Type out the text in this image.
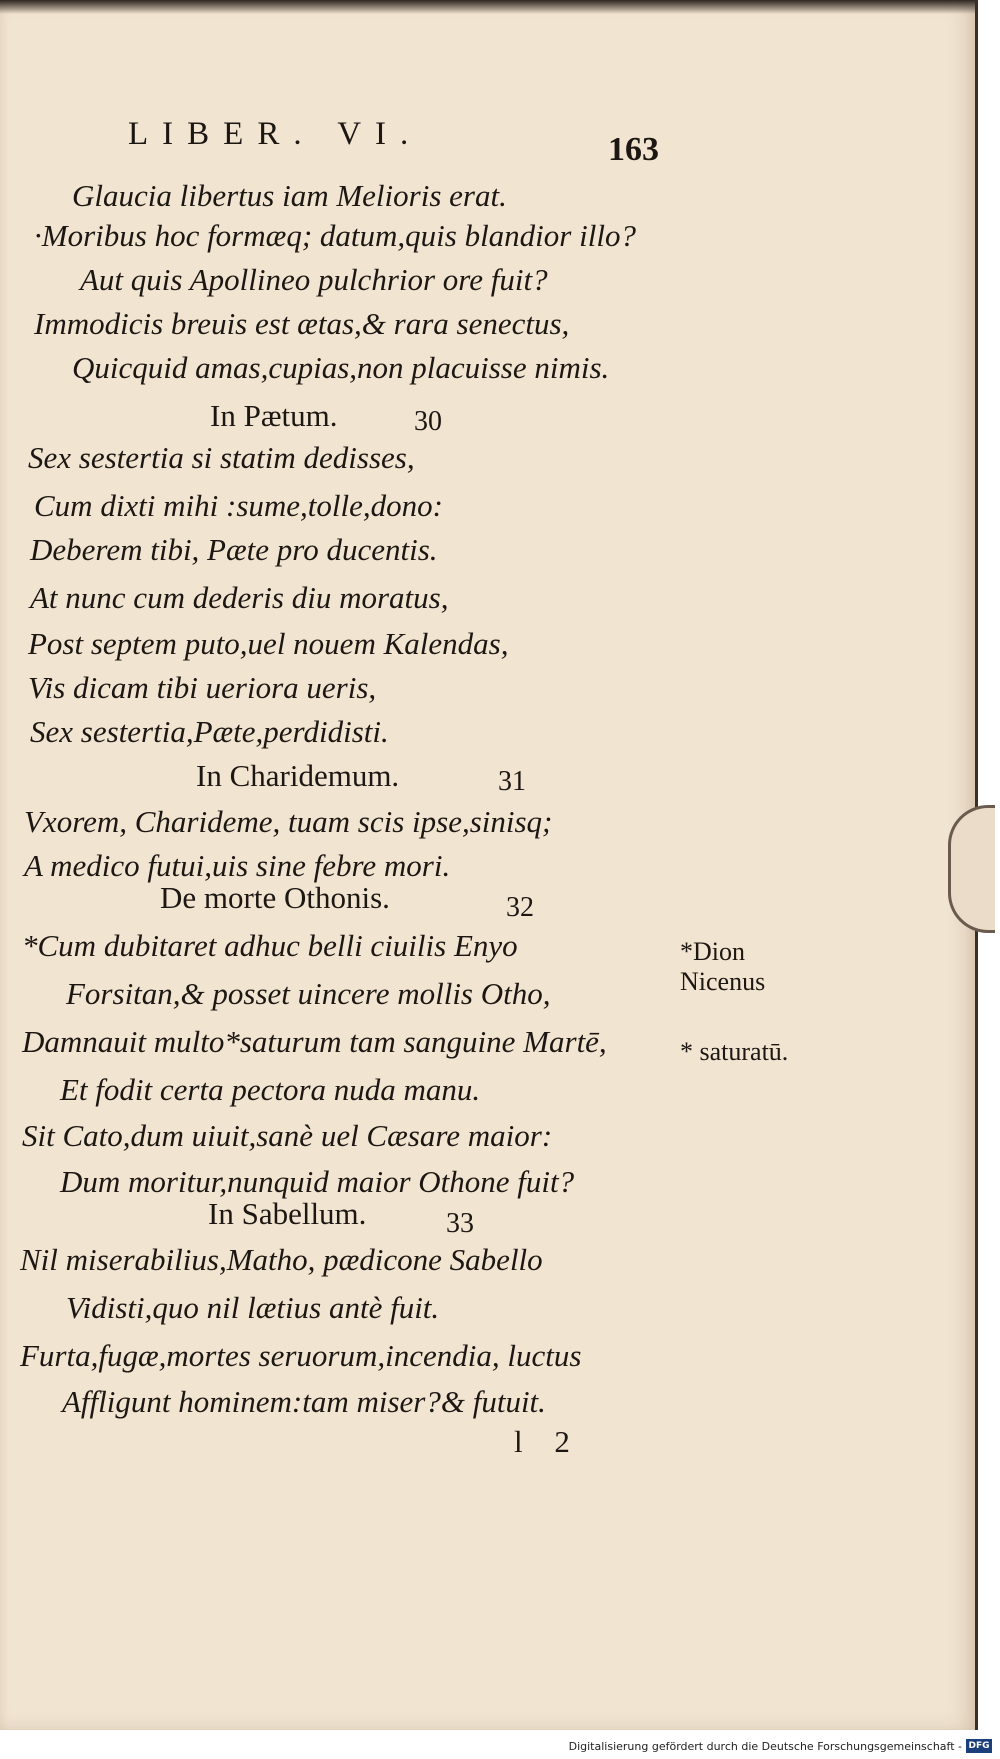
LIBER. VI.	163
Glaucia libertus iam Melioris erat.
·Moribus hoc formæq; datum,quis blandior illo?
Aut quis Apollineo pulchrior ore fuit?
Immodicis breuis est ætas,& rara senectus,
Quicquid amas,cupias,non placuisse nimis.
In Pætum.	30
Sex sestertia si statim dedisses,
Cum dixti mihi :sume,tolle,dono:
Deberem tibi, Pæte pro ducentis.
At nunc cum dederis diu moratus,
Post septem puto,uel nouem Kalendas,
Vis dicam tibi ueriora ueris,
Sex sestertia,Pæte,perdidisti.
In Charidemum.	31
Vxorem, Charideme, tuam scis ipse,sinisq;
A medico futui,uis sine febre mori.
De morte Othonis.	32
*Cum dubitaret adhuc belli ciuilis Enyo
Forsitan,& posset uincere mollis Otho,
Damnauit multo*saturum tam sanguine Martē,
Et fodit certa pectora nuda manu.
Sit Cato,dum uiuit,sanè uel Cæsare maior:
Dum moritur,nunquid maior Othone fuit?
In Sabellum.	33
Nil miserabilius,Matho, pædicone Sabello
Vidisti,quo nil lætius antè fuit.
Furta,fugæ,mortes seruorum,incendia, luctus
Affligunt hominem:tam miser?& futuit.
l 2
*Dion
Nicenus
* saturatū.
Digitalisierung gefördert durch die Deutsche Forschungsgemeinschaft - DFG
